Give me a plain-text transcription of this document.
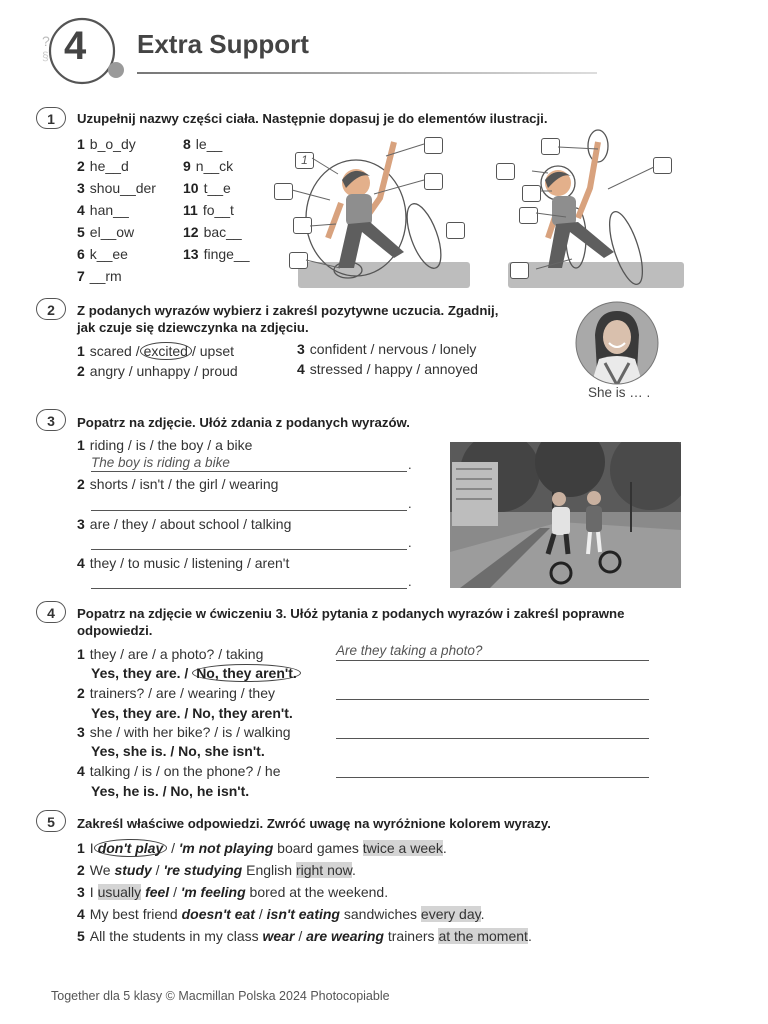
?
§ 4 Extra Support
1	Uzupełnij nazwy części ciała. Następnie dopasuj je do elementów ilustracji.
1 b_o_dy
2 he__d
3 shou__der
4 han__
5 el__ow
6 k__ee
7 __rm
8 le__
9 n__ck
10 t__e
11 fo__t
12 bac__
13 finge__
1
2	Z podanych wyrazów wybierz i zakreśl pozytywne uczucia. Zgadnij,
jak czuje się dziewczynka na zdjęciu.
1 scared / excited / upset
2 angry / unhappy / proud
3 confident / nervous / lonely
4 stressed / happy / annoyed
She is … .
3	Popatrz na zdjęcie. Ułóż zdania z podanych wyrazów.
1 riding / is / the boy / a bike
The boy is riding a bike	.
2 shorts / isn't / the girl / wearing
.
3 are / they / about school / talking
.
4 they / to music / listening / aren't
.
4	Popatrz na zdjęcie w ćwiczeniu 3. Ułóż pytania z podanych wyrazów i zakreśl poprawne
odpowiedzi.
1 they / are / a photo? / taking
Yes, they are. / No, they aren't.
Are they taking a photo?
2 trainers? / are / wearing / they
Yes, they are. / No, they aren't.
3 she / with her bike? / is / walking
Yes, she is. / No, she isn't.
4 talking / is / on the phone? / he
Yes, he is. / No, he isn't.
5	Zakreśl właściwe odpowiedzi. Zwróć uwagę na wyróżnione kolorem wyrazy.
1 I don't play / 'm not playing board games twice a week.
2 We study / 're studying English right now.
3 I usually feel / 'm feeling bored at the weekend.
4 My best friend doesn't eat / isn't eating sandwiches every day.
5 All the students in my class wear / are wearing trainers at the moment.
Together dla 5 klasy © Macmillan Polska 2024 Photocopiable
